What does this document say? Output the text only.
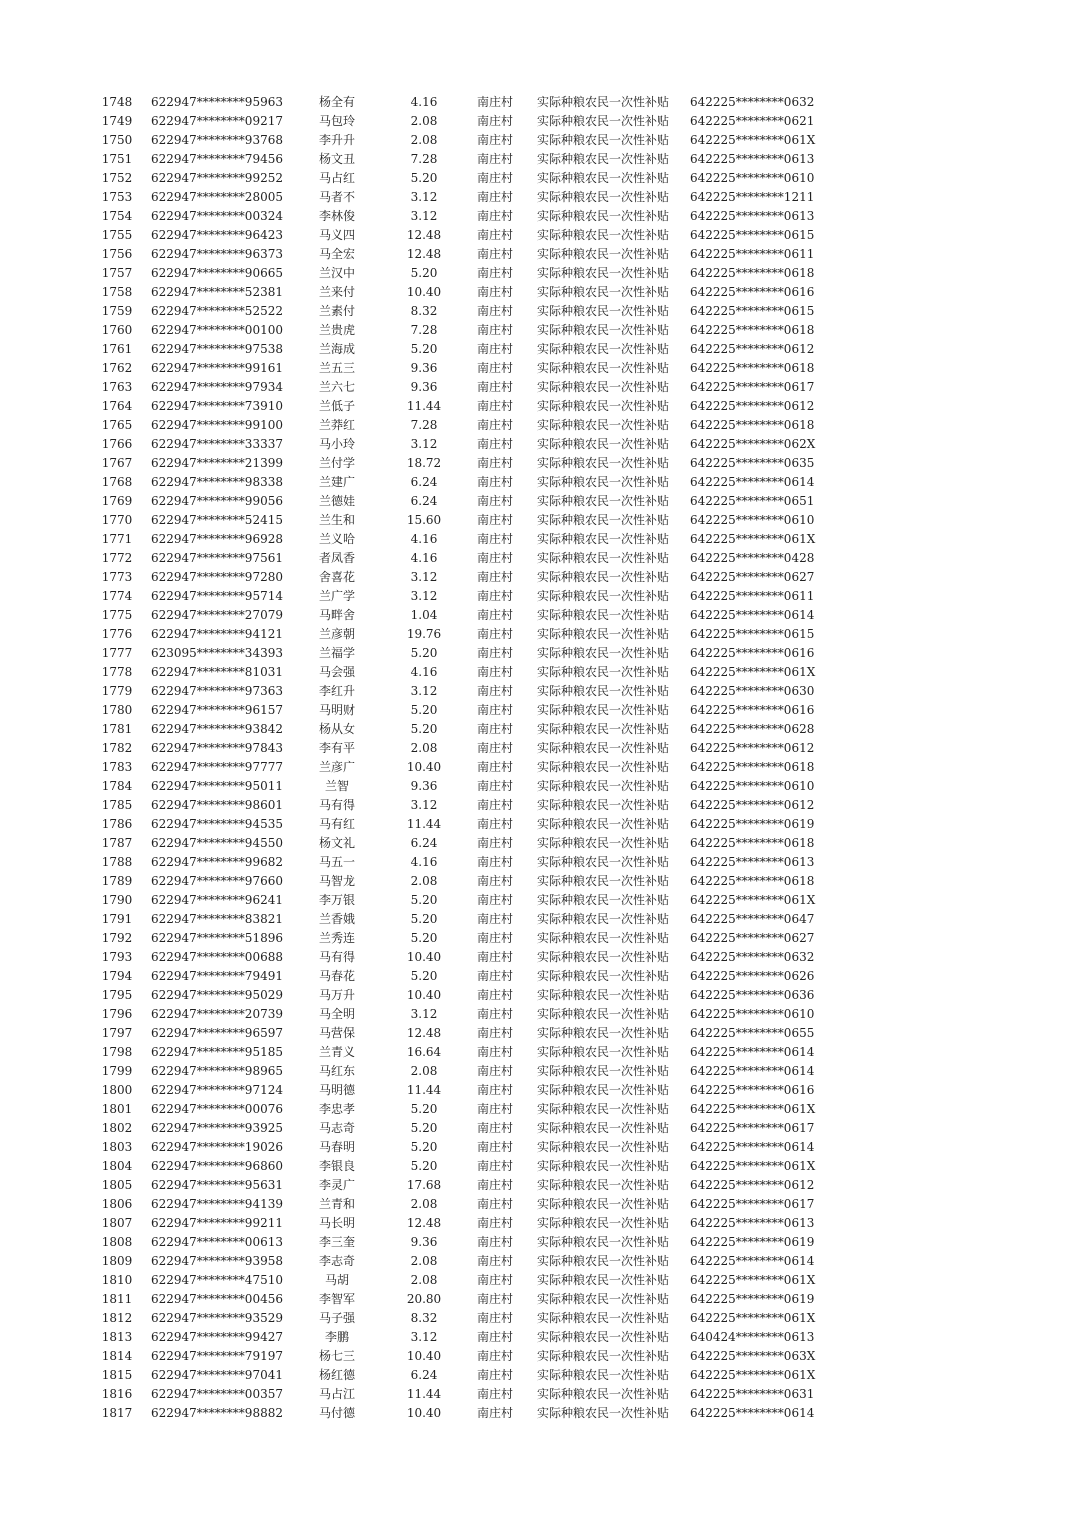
1748	622947********95963	杨全有	4.16	南庄村	实际种粮农民一次性补贴	642225********0632
1749	622947********09217	马包玲	2.08	南庄村	实际种粮农民一次性补贴	642225********0621
1750	622947********93768	李升升	2.08	南庄村	实际种粮农民一次性补贴	642225********061X
1751	622947********79456	杨文丑	7.28	南庄村	实际种粮农民一次性补贴	642225********0613
1752	622947********99252	马占红	5.20	南庄村	实际种粮农民一次性补贴	642225********0610
1753	622947********28005	马者不	3.12	南庄村	实际种粮农民一次性补贴	642225********1211
1754	622947********00324	李林俊	3.12	南庄村	实际种粮农民一次性补贴	642225********0613
1755	622947********96423	马义四	12.48	南庄村	实际种粮农民一次性补贴	642225********0615
1756	622947********96373	马全宏	12.48	南庄村	实际种粮农民一次性补贴	642225********0611
1757	622947********90665	兰汉中	5.20	南庄村	实际种粮农民一次性补贴	642225********0618
1758	622947********52381	兰来付	10.40	南庄村	实际种粮农民一次性补贴	642225********0616
1759	622947********52522	兰素付	8.32	南庄村	实际种粮农民一次性补贴	642225********0615
1760	622947********00100	兰贵虎	7.28	南庄村	实际种粮农民一次性补贴	642225********0618
1761	622947********97538	兰海成	5.20	南庄村	实际种粮农民一次性补贴	642225********0612
1762	622947********99161	兰五三	9.36	南庄村	实际种粮农民一次性补贴	642225********0618
1763	622947********97934	兰六七	9.36	南庄村	实际种粮农民一次性补贴	642225********0617
1764	622947********73910	兰低子	11.44	南庄村	实际种粮农民一次性补贴	642225********0612
1765	622947********99100	兰莽红	7.28	南庄村	实际种粮农民一次性补贴	642225********0618
1766	622947********33337	马小玲	3.12	南庄村	实际种粮农民一次性补贴	642225********062X
1767	622947********21399	兰付学	18.72	南庄村	实际种粮农民一次性补贴	642225********0635
1768	622947********98338	兰建广	6.24	南庄村	实际种粮农民一次性补贴	642225********0614
1769	622947********99056	兰德娃	6.24	南庄村	实际种粮农民一次性补贴	642225********0651
1770	622947********52415	兰生和	15.60	南庄村	实际种粮农民一次性补贴	642225********0610
1771	622947********96928	兰义哈	4.16	南庄村	实际种粮农民一次性补贴	642225********061X
1772	622947********97561	者凤香	4.16	南庄村	实际种粮农民一次性补贴	642225********0428
1773	622947********97280	舍喜花	3.12	南庄村	实际种粮农民一次性补贴	642225********0627
1774	622947********95714	兰广学	3.12	南庄村	实际种粮农民一次性补贴	642225********0611
1775	622947********27079	马畔舍	1.04	南庄村	实际种粮农民一次性补贴	642225********0614
1776	622947********94121	兰彦朝	19.76	南庄村	实际种粮农民一次性补贴	642225********0615
1777	623095********34393	兰福学	5.20	南庄村	实际种粮农民一次性补贴	642225********0616
1778	622947********81031	马会强	4.16	南庄村	实际种粮农民一次性补贴	642225********061X
1779	622947********97363	李红升	3.12	南庄村	实际种粮农民一次性补贴	642225********0630
1780	622947********96157	马明财	5.20	南庄村	实际种粮农民一次性补贴	642225********0616
1781	622947********93842	杨从女	5.20	南庄村	实际种粮农民一次性补贴	642225********0628
1782	622947********97843	李有平	2.08	南庄村	实际种粮农民一次性补贴	642225********0612
1783	622947********97777	兰彦广	10.40	南庄村	实际种粮农民一次性补贴	642225********0618
1784	622947********95011	兰智	9.36	南庄村	实际种粮农民一次性补贴	642225********0610
1785	622947********98601	马有得	3.12	南庄村	实际种粮农民一次性补贴	642225********0612
1786	622947********94535	马有红	11.44	南庄村	实际种粮农民一次性补贴	642225********0619
1787	622947********94550	杨文礼	6.24	南庄村	实际种粮农民一次性补贴	642225********0618
1788	622947********99682	马五一	4.16	南庄村	实际种粮农民一次性补贴	642225********0613
1789	622947********97660	马智龙	2.08	南庄村	实际种粮农民一次性补贴	642225********0618
1790	622947********96241	李万银	5.20	南庄村	实际种粮农民一次性补贴	642225********061X
1791	622947********83821	兰香娥	5.20	南庄村	实际种粮农民一次性补贴	642225********0647
1792	622947********51896	兰秀连	5.20	南庄村	实际种粮农民一次性补贴	642225********0627
1793	622947********00688	马有得	10.40	南庄村	实际种粮农民一次性补贴	642225********0632
1794	622947********79491	马春花	5.20	南庄村	实际种粮农民一次性补贴	642225********0626
1795	622947********95029	马万升	10.40	南庄村	实际种粮农民一次性补贴	642225********0636
1796	622947********20739	马全明	3.12	南庄村	实际种粮农民一次性补贴	642225********0610
1797	622947********96597	马营保	12.48	南庄村	实际种粮农民一次性补贴	642225********0655
1798	622947********95185	兰青义	16.64	南庄村	实际种粮农民一次性补贴	642225********0614
1799	622947********98965	马红东	2.08	南庄村	实际种粮农民一次性补贴	642225********0614
1800	622947********97124	马明德	11.44	南庄村	实际种粮农民一次性补贴	642225********0616
1801	622947********00076	李忠孝	5.20	南庄村	实际种粮农民一次性补贴	642225********061X
1802	622947********93925	马志奇	5.20	南庄村	实际种粮农民一次性补贴	642225********0617
1803	622947********19026	马春明	5.20	南庄村	实际种粮农民一次性补贴	642225********0614
1804	622947********96860	李银良	5.20	南庄村	实际种粮农民一次性补贴	642225********061X
1805	622947********95631	李灵广	17.68	南庄村	实际种粮农民一次性补贴	642225********0612
1806	622947********94139	兰青和	2.08	南庄村	实际种粮农民一次性补贴	642225********0617
1807	622947********99211	马长明	12.48	南庄村	实际种粮农民一次性补贴	642225********0613
1808	622947********00613	李三奎	9.36	南庄村	实际种粮农民一次性补贴	642225********0619
1809	622947********93958	李志奇	2.08	南庄村	实际种粮农民一次性补贴	642225********0614
1810	622947********47510	马胡	2.08	南庄村	实际种粮农民一次性补贴	642225********061X
1811	622947********00456	李智军	20.80	南庄村	实际种粮农民一次性补贴	642225********0619
1812	622947********93529	马子强	8.32	南庄村	实际种粮农民一次性补贴	642225********061X
1813	622947********99427	李鹏	3.12	南庄村	实际种粮农民一次性补贴	640424********0613
1814	622947********79197	杨七三	10.40	南庄村	实际种粮农民一次性补贴	642225********063X
1815	622947********97041	杨红德	6.24	南庄村	实际种粮农民一次性补贴	642225********061X
1816	622947********00357	马占江	11.44	南庄村	实际种粮农民一次性补贴	642225********0631
1817	622947********98882	马付德	10.40	南庄村	实际种粮农民一次性补贴	642225********0614
